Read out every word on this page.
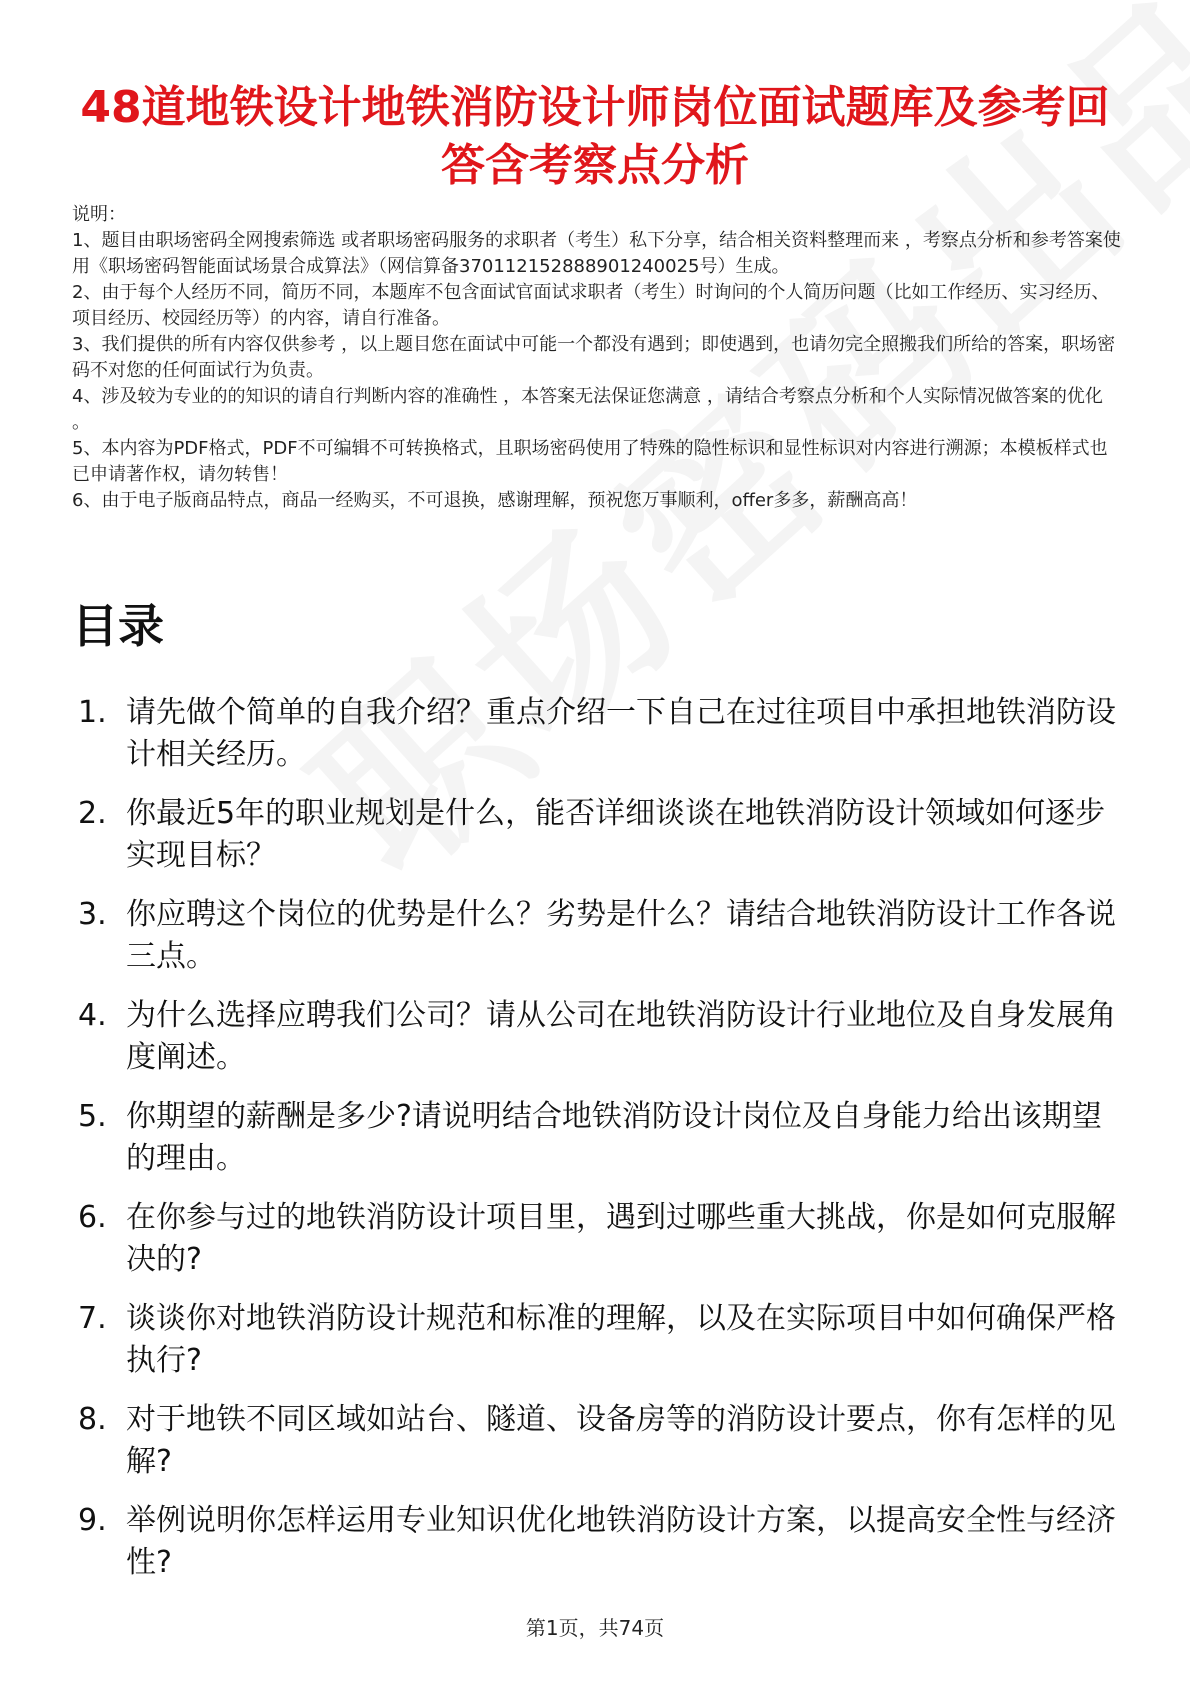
48道地铁设计地铁消防设计师岗位面试题库及参考回答含考察点分析

说明：

1、题目由职场密码全网搜索筛选 或者职场密码服务的求职者（考生）私下分享，结合相关资料整理而来 ，考察点分析和参考答案使用《职场密码智能面试场景合成算法》（网信算备370112152888901240025号）生成。

2、由于每个人经历不同，简历不同，本题库不包含面试官面试求职者（考生）时询问的个人简历问题（比如工作经历、实习经历、项目经历、校园经历等）的内容，请自行准备。

3、我们提供的所有内容仅供参考 ，以上题目您在面试中可能一个都没有遇到；即使遇到，也请勿完全照搬我们所给的答案，职场密码不对您的任何面试行为负责。

4、涉及较为专业的的知识的请自行判断内容的准确性 ，本答案无法保证您满意 ，请结合考察点分析和个人实际情况做答案的优化 。

5、本内容为PDF格式，PDF不可编辑不可转换格式，且职场密码使用了特殊的隐性标识和显性标识对内容进行溯源；本模板样式也已申请著作权，请勿转售！

6、由于电子版商品特点，商品一经购买，不可退换，感谢理解，预祝您万事顺利，offer多多，薪酬高高！

目录
1. 请先做个简单的自我介绍？重点介绍一下自己在过往项目中承担地铁消防设计相关经历。
2. 你最近5年的职业规划是什么，能否详细谈谈在地铁消防设计领域如何逐步实现目标？
3. 你应聘这个岗位的优势是什么？劣势是什么？请结合地铁消防设计工作各说三点。
4. 为什么选择应聘我们公司？请从公司在地铁消防设计行业地位及自身发展角度阐述。
5. 你期望的薪酬是多少?请说明结合地铁消防设计岗位及自身能力给出该期望的理由。
6. 在你参与过的地铁消防设计项目里，遇到过哪些重大挑战，你是如何克服解决的?
7. 谈谈你对地铁消防设计规范和标准的理解，以及在实际项目中如何确保严格执行?
8. 对于地铁不同区域如站台、隧道、设备房等的消防设计要点，你有怎样的见解?
9. 举例说明你怎样运用专业知识优化地铁消防设计方案，以提高安全性与经济性?
第1页，共74页
